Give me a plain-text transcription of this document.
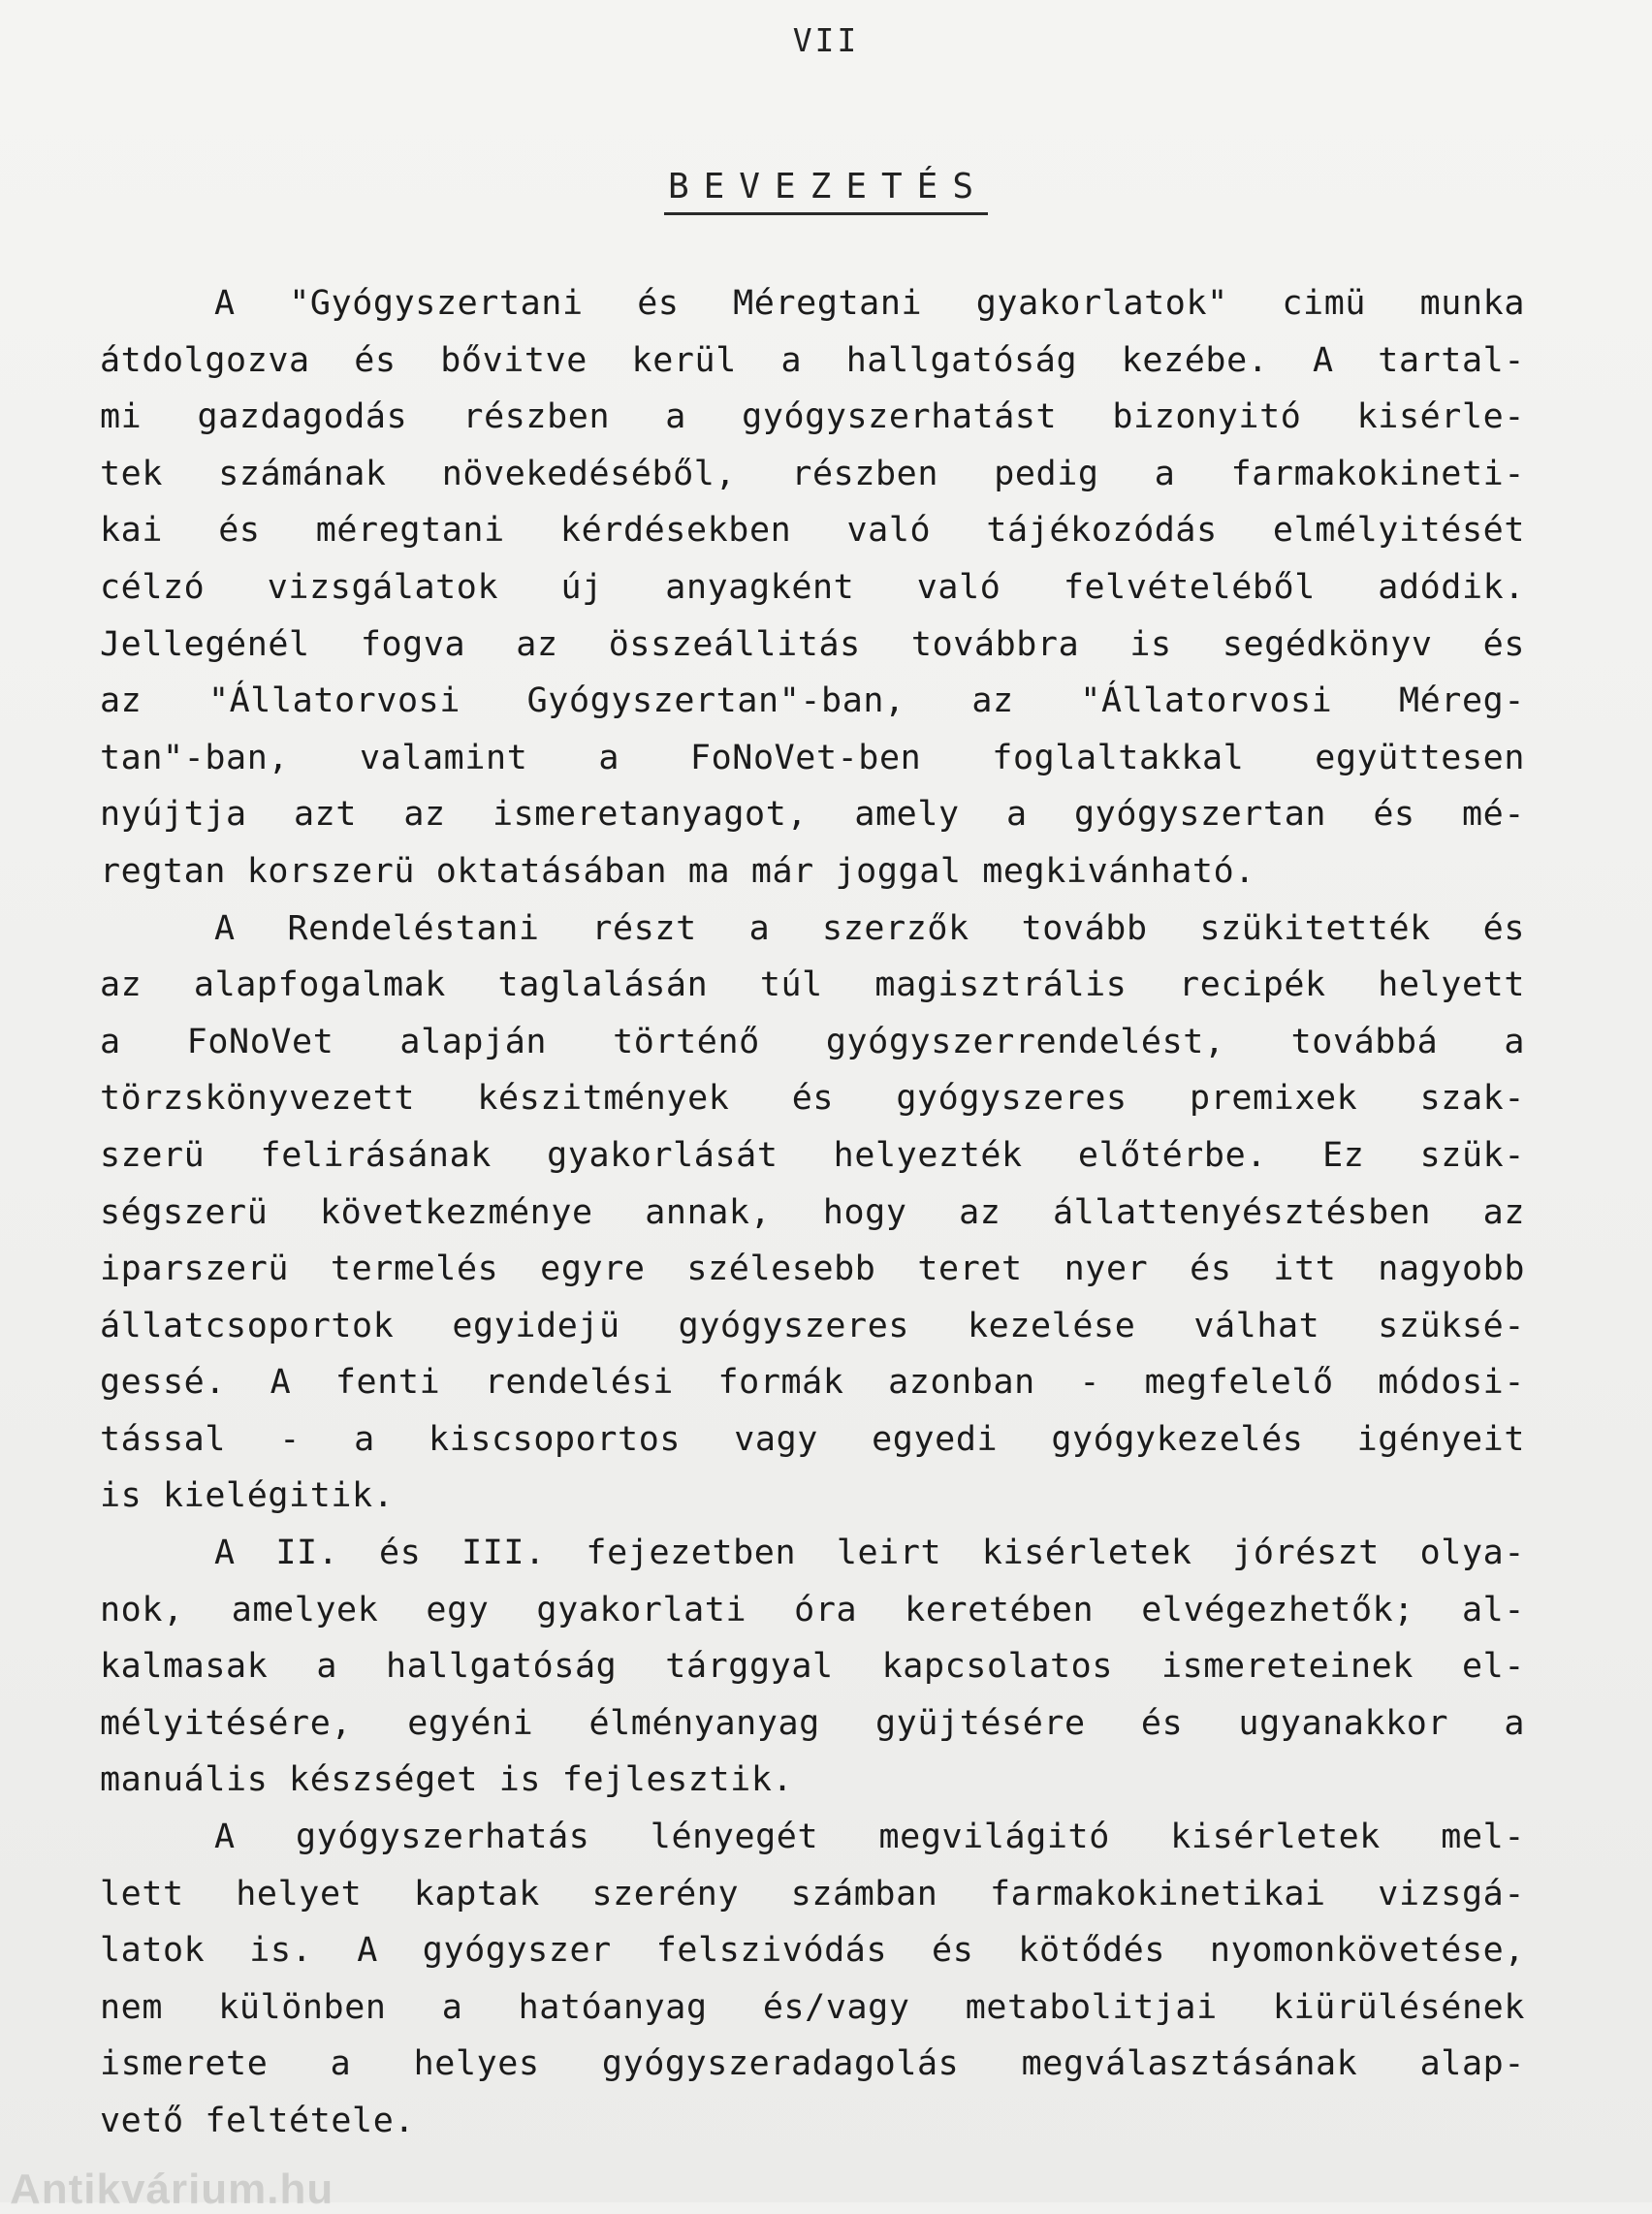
VII
BEVEZETÉS
A "Gyógyszertani és Méregtani gyakorlatok" cimü munka
átdolgozva és bővitve kerül a hallgatóság kezébe. A tartal-
mi gazdagodás részben a gyógyszerhatást bizonyitó kisérle-
tek számának növekedéséből, részben pedig a farmakokineti-
kai és méregtani kérdésekben való tájékozódás elmélyitését
célzó vizsgálatok új anyagként való felvételéből adódik.
Jellegénél fogva az összeállitás továbbra is segédkönyv és
az "Állatorvosi Gyógyszertan"-ban, az "Állatorvosi Méreg-
tan"-ban, valamint a FoNoVet-ben foglaltakkal együttesen
nyújtja azt az ismeretanyagot, amely a gyógyszertan és mé-
regtan korszerü oktatásában ma már joggal megkivánható.
A Rendeléstani részt a szerzők tovább szükitették és
az alapfogalmak taglalásán túl magisztrális recipék helyett
a FoNoVet alapján történő gyógyszerrendelést, továbbá a
törzskönyvezett készitmények és gyógyszeres premixek szak-
szerü felirásának gyakorlását helyezték előtérbe. Ez szük-
ségszerü következménye annak, hogy az állattenyésztésben az
iparszerü termelés egyre szélesebb teret nyer és itt nagyobb
állatcsoportok egyidejü gyógyszeres kezelése válhat szüksé-
gessé. A fenti rendelési formák azonban - megfelelő módosi-
tással - a kiscsoportos vagy egyedi gyógykezelés igényeit
is kielégitik.
A II. és III. fejezetben leirt kisérletek jórészt olya-
nok, amelyek egy gyakorlati óra keretében elvégezhetők; al-
kalmasak a hallgatóság tárggyal kapcsolatos ismereteinek el-
mélyitésére, egyéni élményanyag gyüjtésére és ugyanakkor a
manuális készséget is fejlesztik.
A gyógyszerhatás lényegét megvilágitó kisérletek mel-
lett helyet kaptak szerény számban farmakokinetikai vizsgá-
latok is. A gyógyszer felszivódás és kötődés nyomonkövetése,
nem különben a hatóanyag és/vagy metabolitjai kiürülésének
ismerete a helyes gyógyszeradagolás megválasztásának alap-
vető feltétele.
Antikvárium.hu
